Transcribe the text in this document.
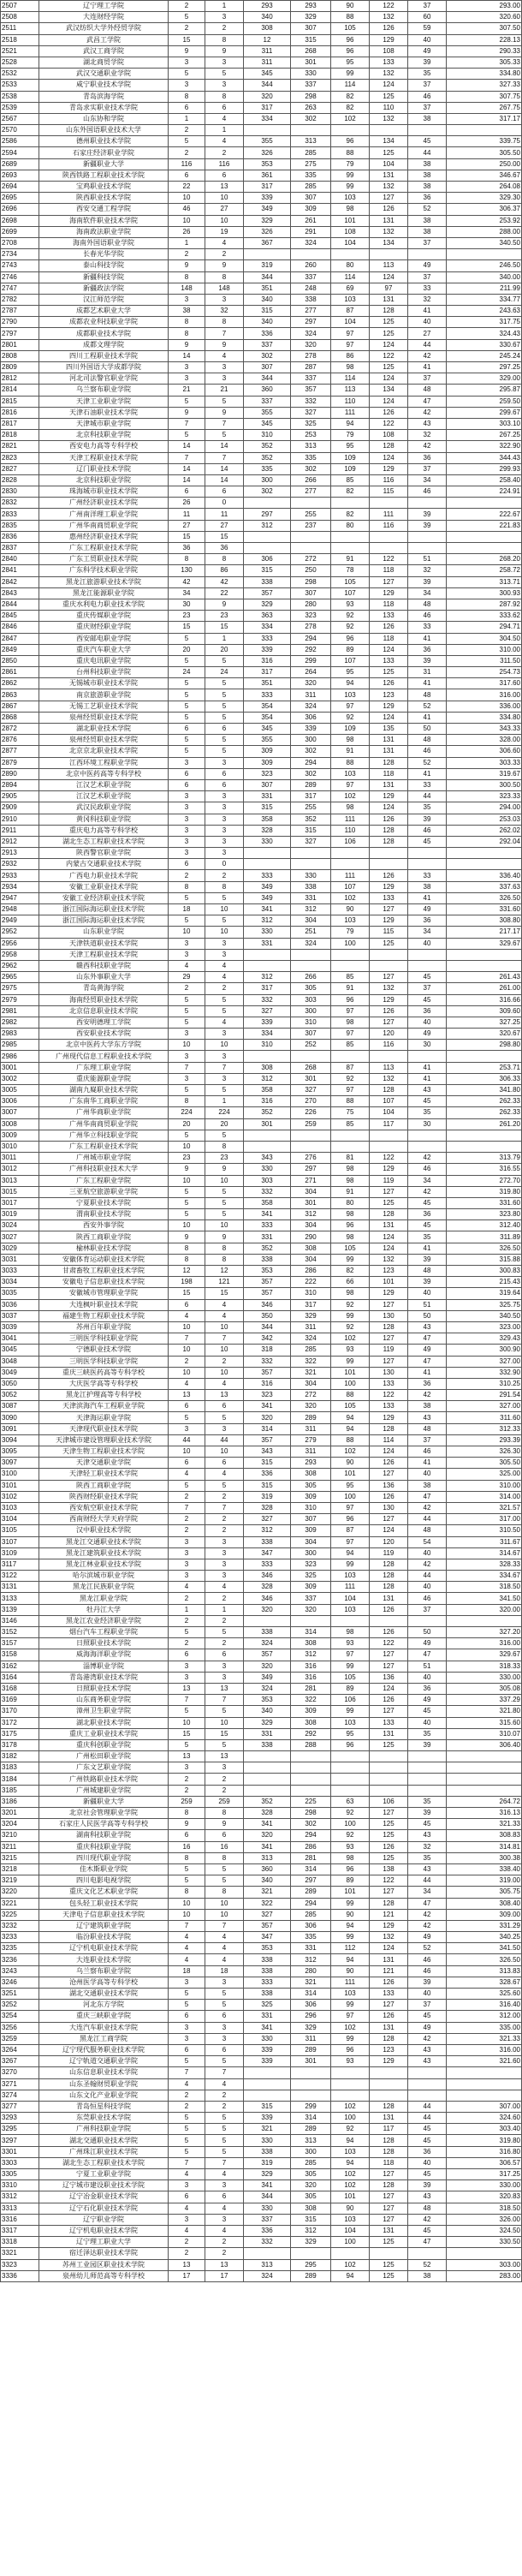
2507	辽宁理工学院	2	1	293	293	90	122	37	293.00
2508	大连财经学院	5	3	340	329	88	132	60	320.60
2511	武汉纺织大学外经贸学院	2	2	308	307	105	126	59	307.50
2518	武昌工学院	15	8	12	315	96	129	40	228.13
2521	武汉工商学院	9	9	311	268	96	108	49	290.33
2528	湖北商贸学院	3	3	311	301	95	133	39	305.33
2532	武汉交通职业学院	5	5	345	330	99	132	35	334.80
2533	咸宁职业技术学院	3	3	344	337	114	124	37	327.33
2538	青岛滨海学院	8	8	320	298	82	125	46	307.75
2539	青岛求实职业技术学院	6	6	317	263	82	110	37	267.75
2567	山东协和学院	1	4	334	302	102	132	38	317.17
2570	山东外国语职业技术大学	2	1						
2586	德州职业技术学院	5	4	355	313	96	134	45	339.75
2594	石家庄经济职业学院	2	2	326	285	88	125	44	305.50
2689	新疆职业大学	116	116	353	275	79	104	38	250.00
2693	陕西铁路工程职业技术学院	6	6	361	335	99	131	38	346.67
2694	宝鸡职业技术学院	22	13	317	285	99	132	38	264.08
2695	陕西职业技术学院	10	10	339	307	103	127	36	329.30
2696	西安交通工程学院	46	27	349	309	98	126	52	306.37
2698	海南软件职业技术学院	10	10	329	261	101	131	38	253.92
2699	海南政法职业学院	26	19	326	291	108	132	38	288.00
2708	海南外国语职业学院	1	4	367	324	104	134	37	340.50
2734	长春光华学院	2	2						
2743	泰山科技学院	9	9	319	260	80	113	49	246.50
2746	新疆科技学院	8	8	344	337	114	124	37	340.00
2747	新疆政法学院	148	148	351	248	69	97	33	211.99
2782	汉江师范学院	3	3	340	338	103	131	32	334.77
2787	成都艺术职业大学	38	32	315	277	87	128	41	243.63
2790	成都农业科技职业学院	8	8	340	297	104	125	40	317.75
2797	成都职业技术学院	8	7	336	324	97	125	27	324.43
2801	成都文理学院	9	9	337	320	97	124	44	330.67
2808	四川工程职业技术学院	14	4	302	278	86	122	42	245.24
2809	四川外国语大学成都学院	3	3	307	287	98	125	41	297.25
2812	河北司法警官职业学院	3	3	344	337	114	124	37	329.00
2814	乌兰察布职业学院	21	21	360	357	113	134	48	295.87
2815	天津工业职业学院	5	5	337	332	110	124	47	259.50
2816	天津石油职业技术学院	9	9	355	327	111	126	42	299.67
2817	天津城市职业学院	7	7	345	325	94	122	43	303.10
2818	北京科技职业学院	5	5	310	253	79	108	32	267.25
2821	西安电力高等专科学校	14	14	352	313	95	128	42	322.90
2823	天津工程职业技术学院	7	7	352	335	109	124	36	344.43
2827	辽门职业技术学院	14	14	335	302	109	129	37	299.93
2828	北京科技职业学院	14	14	300	266	85	116	34	258.40
2830	珠海城市职业技术学院	6	6	302	277	82	115	46	224.91
2832	广州经济职业技术学院	26	0						
2833	广州南洋理工职业学院	11	11	297	255	82	111	39	222.67
2835	广州华南商贸职业学院	27	27	312	237	80	116	39	221.83
2836	惠州经济职业技术学院	15	15						
2837	广东工程职业技术学院	36	36						
2840	广东工贸职业技术学院	8	8	306	272	91	122	51	268.20
2841	广东科学技术职业学院	130	86	315	250	78	118	32	258.72
2842	黑龙江旅游职业技术学院	42	42	338	298	105	127	39	313.71
2843	黑龙江能源职业学院	34	22	357	307	107	129	34	300.93
2844	重庆水利电力职业技术学院	30	9	329	280	93	118	48	287.92
2845	重庆传媒职业学院	23	23	363	323	92	133	46	333.62
2846	重庆财经职业学院	15	15	334	278	92	126	33	294.71
2847	西安邮电职业学院	5	1	333	294	96	118	41	304.50
2849	重庆汽车职业大学	20	20	339	292	89	124	36	310.00
2850	重庆电讯职业学院	5	5	316	299	107	133	39	311.50
2861	台州科技职业学院	24	24	317	264	95	125	31	254.73
2862	无锡城市职业技术学院	5	5	351	320	94	126	41	317.60
2863	南京旅游职业学院	5	5	333	311	103	123	48	316.00
2867	无锡工艺职业技术学院	5	5	354	324	97	129	52	336.00
2868	泉州经贸职业技术学院	5	5	354	306	92	124	41	334.80
2872	湖北职业技术学院	6	6	345	339	109	135	50	343.33
2876	泉州经贸职业技术学院	5	5	355	300	98	131	48	328.00
2877	北京京北职业技术学院	5	5	309	302	91	131	46	306.60
2879	江西环境工程职业学院	3	3	309	294	88	128	52	303.33
2890	北京中医药高等专科学校	6	6	323	302	103	118	41	319.67
2894	江汉艺术职业学院	6	6	307	289	97	131	33	300.50
2905	江汉艺术职业学院	3	3	331	317	102	129	44	323.33
2909	武汉民政职业学院	3	3	315	255	98	124	35	294.00
2910	黄冈科技职业学院	3	3	358	352	111	126	39	253.03
2911	重庆电力高等专科学校	3	3	328	315	110	128	46	262.02
2912	湖北生态工程职业技术学院	3	3	330	327	106	128	45	292.04
2913	陕西警官职业学院	3	3						
2932	内蒙古交通职业技术学院	6	0						
2933	广西电力职业技术学院	2	2	333	330	111	126	33	336.40
2934	安徽工业职业技术学院	8	8	349	338	107	129	38	337.63
2947	安徽工业经济职业技术学院	5	5	349	331	102	133	41	326.50
2948	浙江国际海运职业技术学院	18	10	341	312	90	127	49	331.60
2949	浙江国际海运职业技术学院	5	5	312	304	103	129	36	308.80
2952	山东职业学院	10	10	330	251	79	115	34	217.17
2956	天津铁道职业技术学院	3	3	331	324	100	125	40	329.67
2958	天津工程职业技术学院	3	3						
2962	赣西科技职业学院	4	4						
2965	山东外事职业大学	29	4	312	266	85	127	45	261.43
2975	青岛黄海学院	2	2	317	305	91	132	37	261.00
2979	海南经贸职业技术学院	5	5	332	303	96	129	45	316.66
2981	北京信息职业技术学院	5	5	327	300	97	126	36	309.60
2982	西安明德理工学院	5	4	339	310	98	127	40	327.25
2983	西安职业技术学院	3	3	334	307	97	120	49	320.67
2985	北京中医药大学东方学院	10	10	310	252	85	116	30	298.80
2986	广州现代信息工程职业技术学院	3	3						
3001	广东理工职业学院	7	7	308	268	87	113	41	253.71
3002	重庆能源职业学院	3	3	312	301	92	132	41	306.33
3005	湖南九嶷职业技术学院	5	5	358	327	97	128	43	341.80
3006	广东南华工商职业学院	8	1	316	270	88	107	45	262.33
3007	广州华商职业学院	224	224	352	226	75	104	35	262.33
3008	广州华南商贸职业学院	20	20	301	259	85	117	30	261.20
3009	广州华立科技职业学院	5	5						
3010	广东工程职业技术学院	10	8						
3011	广州城市职业学院	23	23	343	276	81	122	42	313.79
3012	广州科技职业技术大学	9	9	330	297	98	129	46	316.55
3013	广东工程职业学院	10	10	303	271	98	119	34	272.70
3015	三亚航空旅游职业学院	5	5	332	304	91	127	42	319.80
3017	宁夏职业技术学院	5	5	358	301	80	125	45	331.60
3019	渭南职业技术学院	5	5	341	312	98	128	36	323.80
3024	西安外事学院	10	10	333	304	96	131	45	312.40
3027	陕西工商职业学院	9	9	331	290	98	124	35	311.89
3029	榆林职业技术学院	8	8	352	308	105	124	41	326.50
3031	安徽体育运动职业技术学院	8	8	338	304	99	132	39	315.88
3033	甘肃畜牧工程职业技术学院	12	12	353	286	82	123	48	300.83
3034	安徽电子信息职业技术学院	198	121	357	222	66	101	39	215.43
3035	安徽城市管理职业学院	15	15	357	310	98	129	40	319.64
3036	大连枫叶职业技术学院	6	4	346	317	92	127	51	325.75
3037	福建生物工程职业技术学院	4	4	350	329	99	130	50	340.50
3039	苏州百年职业学院	10	10	344	311	92	128	43	323.00
3041	三明医学科技职业学院	7	7	342	324	102	127	47	329.43
3045	宁德职业技术学院	10	10	318	285	93	119	49	300.90
3048	三明医学科技职业学院	2	2	332	322	99	127	47	327.00
3049	重庆三峡医药高等专科学校	10	10	357	321	101	130	41	332.90
3050	大庆医学高等专科学校	4	4	316	304	100	133	36	310.25
3052	黑龙江护理高等专科学校	13	13	323	272	88	122	42	291.54
3087	天津滨海汽车工程职业学院	6	6	341	320	105	133	38	327.00
3090	天津海运职业学院	5	5	320	289	94	129	43	311.60
3091	天津现代职业技术学院	3	3	314	311	94	128	48	312.33
3094	天津城市建设管理职业技术学院	44	44	357	279	88	114	37	293.39
3095	天津生物工程职业技术学院	10	10	343	311	102	124	46	326.30
3097	天津交通职业学院	6	6	315	293	90	126	41	305.50
3100	天津轻工职业技术学院	4	4	336	308	101	127	40	325.00
3101	陕西工商职业学院	5	5	315	305	95	136	38	310.00
3102	陕西财经职业技术学院	2	2	319	309	100	126	47	314.00
3103	西安航空职业技术学院	7	7	328	310	97	130	42	321.57
3104	西南财经大学天府学院	2	2	327	307	96	127	44	317.00
3105	汉中职业技术学院	2	2	312	309	87	124	48	310.50
3107	黑龙江交通职业技术学院	3	3	338	304	97	120	54	311.67
3109	黑龙江建筑职业技术学院	3	3	347	300	94	119	40	314.67
3117	黑龙江林业职业技术学院	3	3	333	323	99	128	42	328.33
3122	哈尔滨城市职业学院	3	3	346	325	103	128	44	334.67
3131	黑龙江民族职业学院	4	4	328	309	111	128	40	318.50
3133	黑龙江职业学院	2	2	346	337	104	131	46	341.50
3139	牡丹江大学	1	1	320	320	103	126	37	320.00
3146	黑龙江农业经济职业学院	2	2						
3152	烟台汽车工程职业学院	5	5	338	314	98	126	50	327.20
3157	日照职业技术学院	2	2	324	308	93	122	49	316.00
3158	威海海洋职业学院	6	6	357	312	97	127	47	329.67
3162	淄博职业学院	3	3	320	316	99	127	51	318.33
3164	青岛港湾职业技术学院	3	3	349	316	105	136	40	330.00
3168	日照职业技术学院	13	13	324	281	89	124	36	305.08
3169	山东商务职业学院	7	7	353	322	106	126	49	337.29
3170	漳州卫生职业学院	5	5	340	309	99	127	45	321.80
3172	湖北职业技术学院	10	10	329	308	103	133	40	315.60
3175	重庆工业职业技术学院	15	15	331	292	95	131	35	310.07
3178	重庆科创职业学院	5	5	338	288	96	125	39	306.40
3182	广州松田职业学院	13	13						
3183	广东文艺职业学院	3	3						
3184	广州铁路职业技术学院	2	2						
3185	广州城建职业学院	2	2						
3186	新疆职业大学	259	259	352	225	63	106	35	264.72
3201	北京社会管理职业学院	8	8	328	298	92	127	39	316.13
3204	石家庄人民医学高等专科学校	9	9	341	302	100	125	45	321.33
3210	湖南科技职业学院	6	6	320	294	92	125	43	308.83
3211	重庆科技职业学院	16	16	341	286	93	126	32	314.81
3215	四川现代职业学院	8	8	313	281	98	125	35	300.38
3218	佳木斯职业学院	5	5	360	314	96	138	43	338.40
3219	四川电影电视学院	5	5	340	297	89	122	44	319.00
3220	重庆文化艺术职业学院	8	8	321	289	101	127	34	305.75
3221	包头轻工职业技术学院	10	10	322	294	99	128	47	308.40
3225	天津电子信息职业技术学院	10	10	327	285	90	121	42	309.00
3232	辽宁建筑职业学院	7	7	357	306	94	129	42	331.29
3233	临汾职业技术学院	4	4	347	335	99	132	49	340.25
3235	辽宁机电职业技术学院	4	4	353	331	112	124	52	341.50
3236	大连职业技术学院	4	4	338	312	94	131	46	326.50
3243	乌兰察布职业学院	18	18	338	280	90	121	46	313.83
3246	沧州医学高等专科学校	3	3	333	321	111	126	39	328.67
3251	湖北交通职业技术学院	5	5	338	314	103	133	40	325.60
3252	河北东方学院	5	5	325	306	99	127	37	316.40
3254	重庆三峡职业学院	6	6	331	296	97	126	45	312.00
3256	大连汽车职业技术学院	3	3	341	329	102	131	49	335.00
3259	黑龙江工商学院	3	3	330	311	99	128	42	321.33
3264	辽宁现代服务职业技术学院	6	6	339	289	96	123	43	316.00
3267	辽宁轨道交通职业学院	5	5	339	301	93	129	43	321.60
3270	山东信息职业技术学院	7	7						
3271	山东圣翰财贸职业学院	4	4						
3274	山东文化产业职业学院	2	2						
3277	青岛恒星科技学院	2	2	315	299	102	128	44	307.00
3293	东莞职业技术学院	5	5	339	314	100	131	44	324.60
3295	广州科技职业学院	5	5	321	289	92	117	45	303.40
3297	湖北交通职业技术学院	5	5	330	313	94	128	45	319.80
3301	广州珠江职业技术学院	5	5	338	300	103	128	36	316.80
3303	湖北生态工程职业技术学院	7	7	319	285	94	118	40	306.57
3305	宁夏工业职业学院	4	4	329	305	102	127	45	317.25
3310	辽宁城市建设职业技术学院	3	3	341	320	102	128	39	330.00
3312	辽宁冶金职业技术学院	6	6	344	305	101	127	43	320.83
3313	辽宁石化职业技术学院	4	4	330	308	90	127	48	318.50
3316	辽宁职业学院	3	3	337	315	103	127	42	326.00
3317	辽宁机电职业技术学院	4	4	336	312	104	131	45	324.50
3318	辽宁理工职业大学	2	2	332	329	100	125	47	330.50
3321	宿迁泽达职业技术学院	2	2						
3323	苏州工业园区职业技术学院	13	13	313	295	102	125	52	303.00
3336	泉州幼儿师范高等专科学校	17	17	324	289	94	125	38	283.00
